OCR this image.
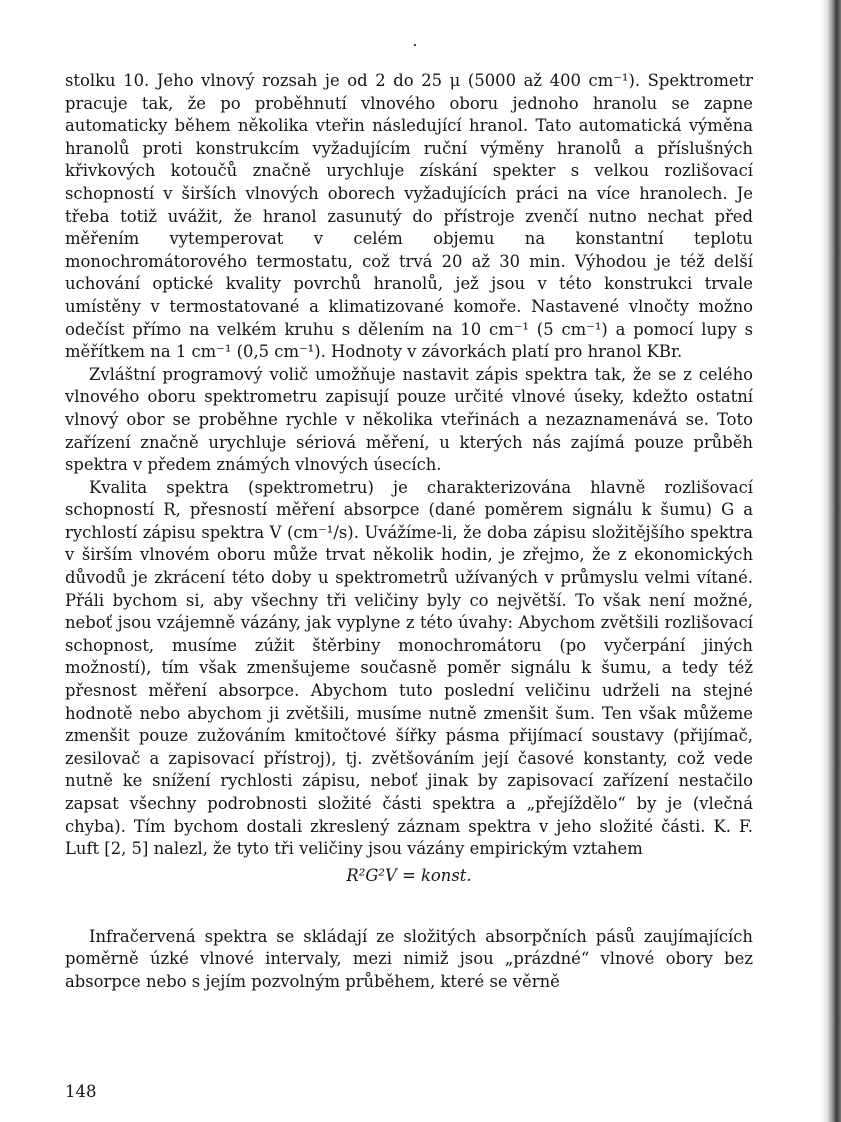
stolku 10. Jeho vlnový rozsah je od 2 do 25 μ (5000 až 400 cm⁻¹). Spektrometr pracuje tak, že po proběhnutí vlnového oboru jednoho hranolu se zapne automaticky během několika vteřin následující hranol. Tato automatická výměna hranolů proti konstrukcím vyžadujícím ruční výměny hranolů a příslušných křivkových kotoučů značně urychluje získání spekter s velkou rozlišovací schopností v širších vlnových oborech vyžadujících práci na více hranolech. Je třeba totiž uvážit, že hranol zasunutý do přístroje zvenčí nutno nechat před měřením vytemperovat v celém objemu na konstantní teplotu monochromátorového termostatu, což trvá 20 až 30 min. Výhodou je též delší uchování optické kvality povrchů hranolů, jež jsou v této konstrukci trvale umístěny v termostatované a klimatizované komoře. Nastavené vlnočty možno odečíst přímo na velkém kruhu s dělením na 10 cm⁻¹ (5 cm⁻¹) a pomocí lupy s měřítkem na 1 cm⁻¹ (0,5 cm⁻¹). Hodnoty v závorkách platí pro hranol KBr.

Zvláštní programový volič umožňuje nastavit zápis spektra tak, že se z celého vlnového oboru spektrometru zapisují pouze určité vlnové úseky, kdežto ostatní vlnový obor se proběhne rychle v několika vteřinách a nezaznamenává se. Toto zařízení značně urychluje sériová měření, u kterých nás zajímá pouze průběh spektra v předem známých vlnových úsecích.

Kvalita spektra (spektrometru) je charakterizována hlavně rozlišovací schopností R, přesností měření absorpce (dané poměrem signálu k šumu) G a rychlostí zápisu spektra V (cm⁻¹/s). Uvážíme-li, že doba zápisu složitějšího spektra v širším vlnovém oboru může trvat několik hodin, je zřejmo, že z ekonomických důvodů je zkrácení této doby u spektrometrů užívaných v průmyslu velmi vítané. Přáli bychom si, aby všechny tři veličiny byly co největší. To však není možné, neboť jsou vzájemně vázány, jak vyplyne z této úvahy: Abychom zvětšili rozlišovací schopnost, musíme zúžit štěrbiny monochromátoru (po vyčerpání jiných možností), tím však zmenšujeme současně poměr signálu k šumu, a tedy též přesnost měření absorpce. Abychom tuto poslední veličinu udrželi na stejné hodnotě nebo abychom ji zvětšili, musíme nutně zmenšit šum. Ten však můžeme zmenšit pouze zužováním kmitočtové šířky pásma přijímací soustavy (přijímač, zesilovač a zapisovací přístroj), tj. zvětšováním její časové konstanty, což vede nutně ke snížení rychlosti zápisu, neboť jinak by zapisovací zařízení nestačilo zapsat všechny podrobnosti složité části spektra a „přejíždělo“ by je (vlečná chyba). Tím bychom dostali zkreslený záznam spektra v jeho složité části. K. F. Luft [2, 5] nalezl, že tyto tři veličiny jsou vázány empirickým vztahem

R²G²V = konst.

Infračervená spektra se skládají ze složitých absorpčních pásů zaujímajících poměrně úzké vlnové intervaly, mezi nimiž jsou „prázdné“ vlnové obory bez absorpce nebo s jejím pozvolným průběhem, které se věrně

148
